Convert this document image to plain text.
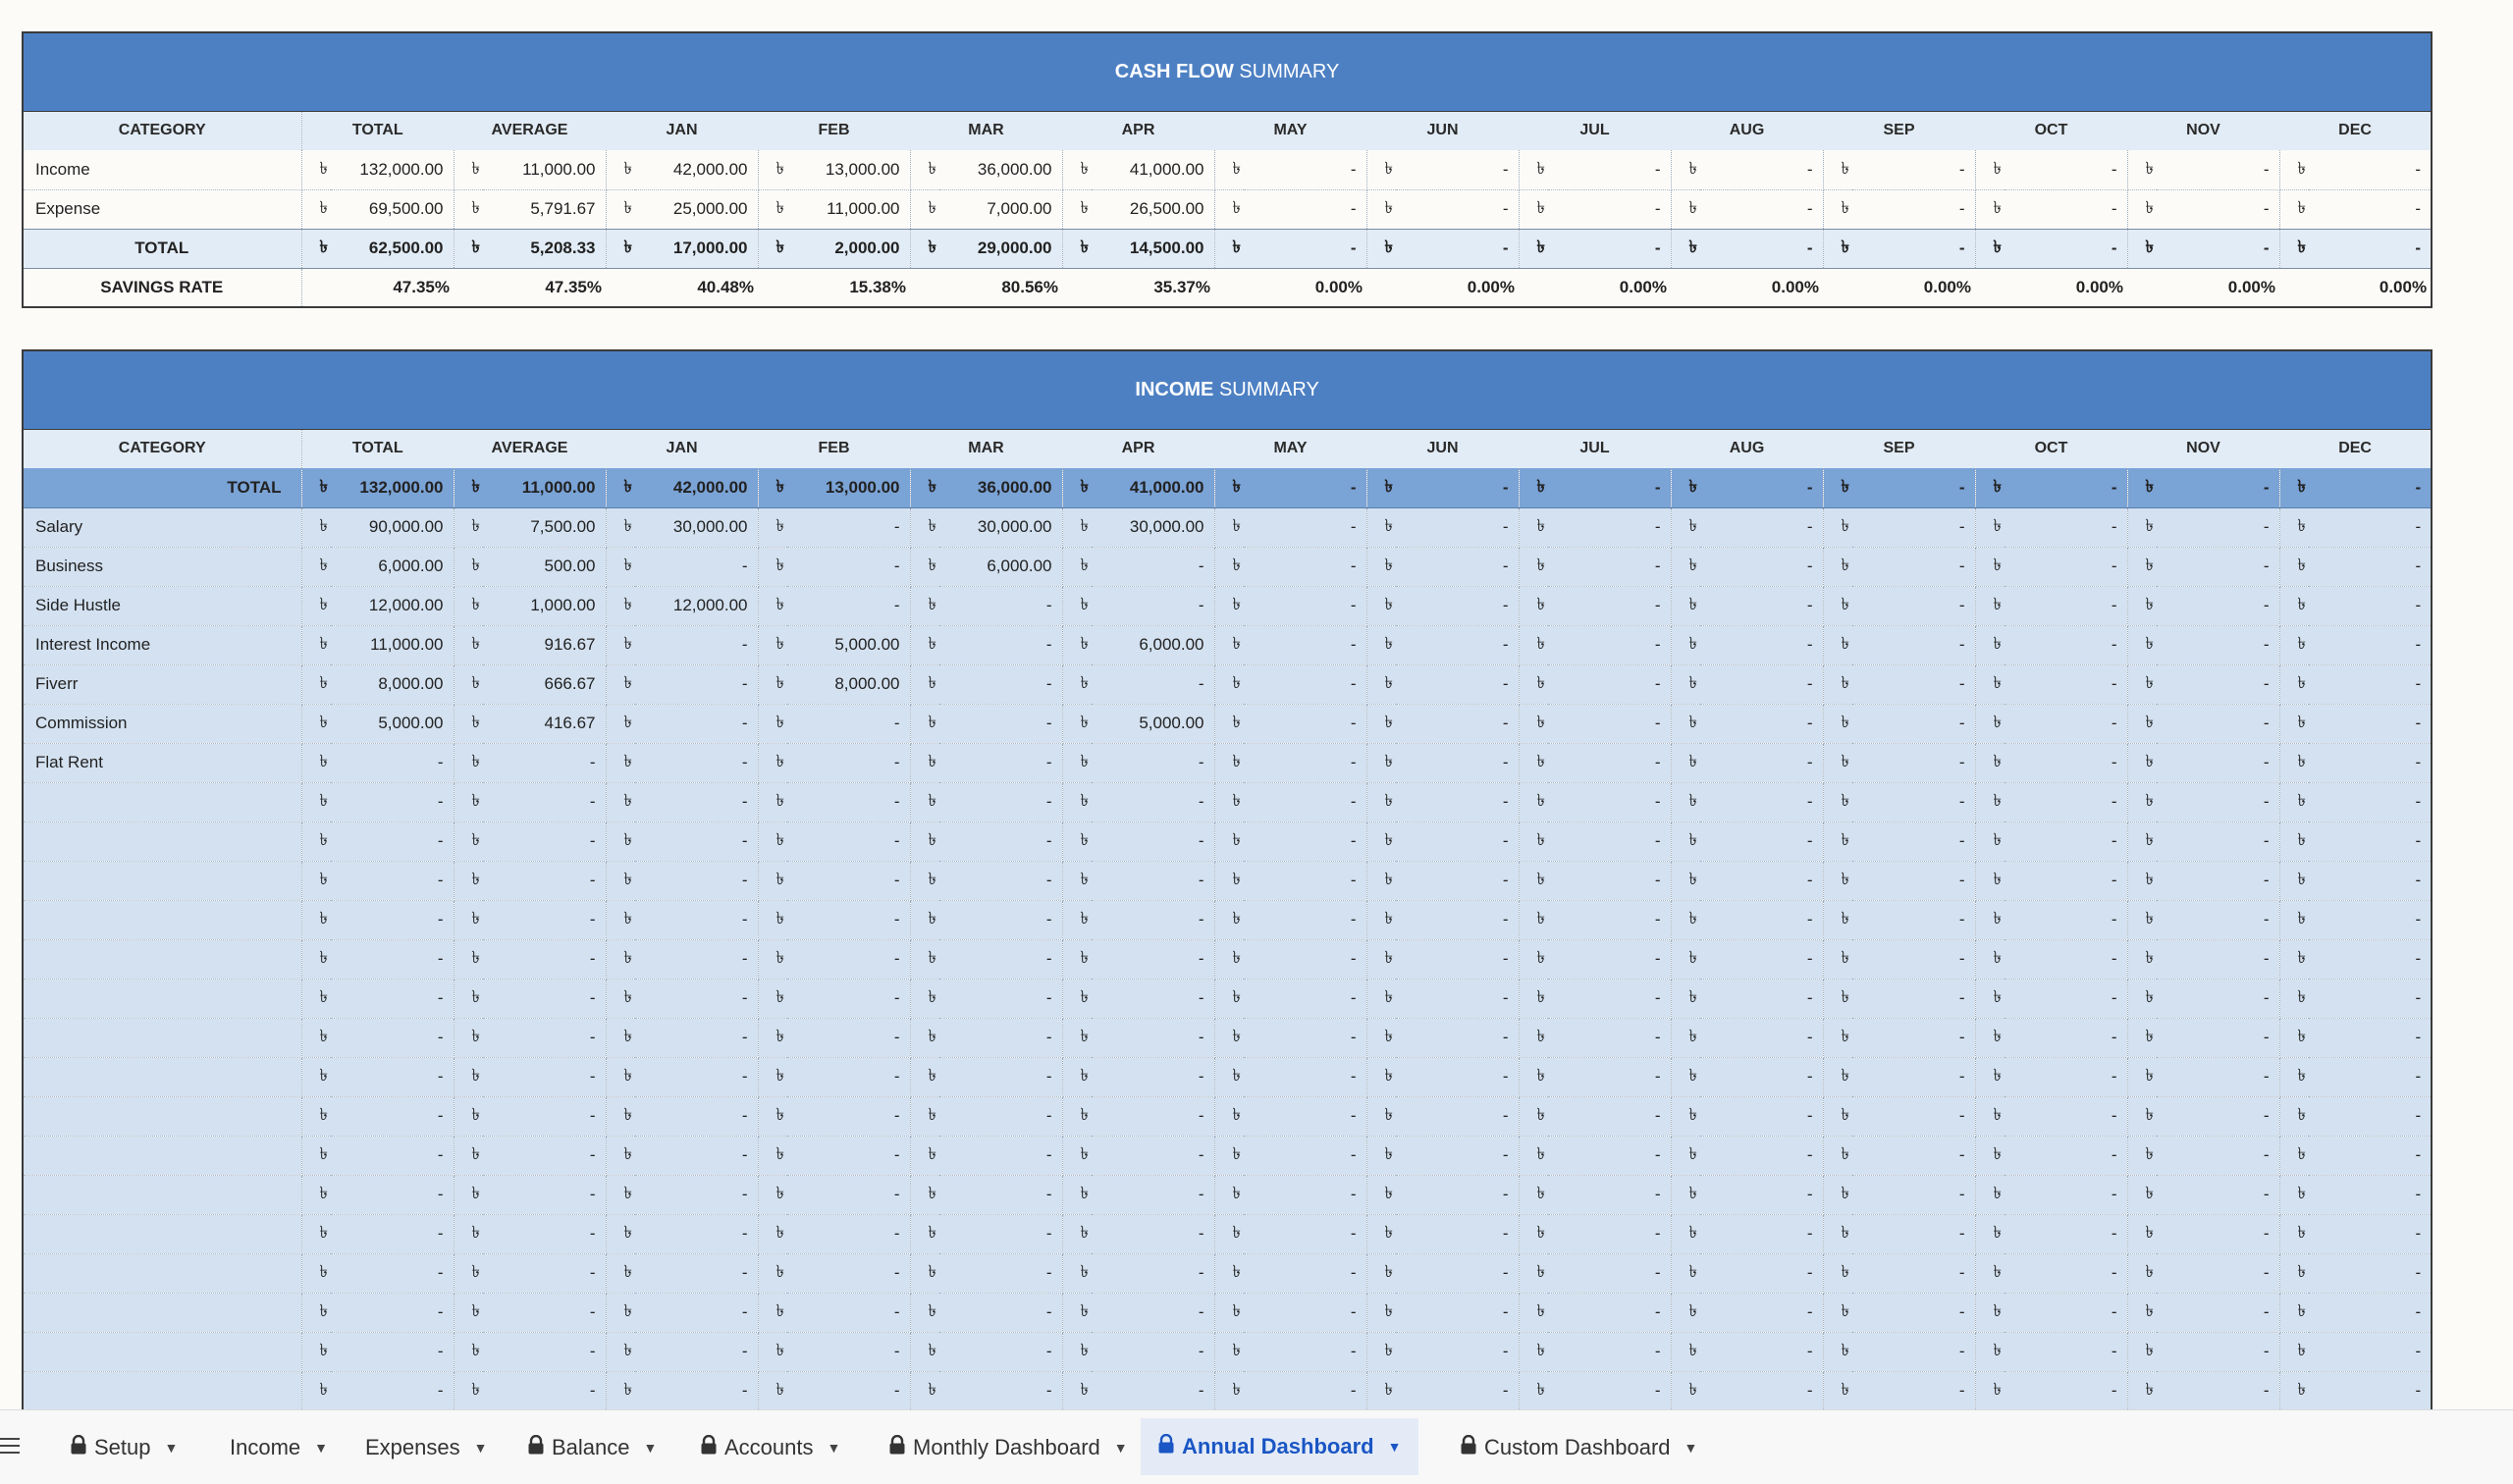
CASH FLOW SUMMARY																												
CATEGORY	TOTAL		AVERAGE		JAN		FEB		MAR		APR		MAY		JUN		JUL		AUG		SEP		OCT		NOV		DEC	
Income	৳	132,000.00	৳	11,000.00	৳	42,000.00	৳	13,000.00	৳	36,000.00	৳	41,000.00	৳	-	৳	-	৳	-	৳	-	৳	-	৳	-	৳	-	৳	-
Expense	৳	69,500.00	৳	5,791.67	৳	25,000.00	৳	11,000.00	৳	7,000.00	৳	26,500.00	৳	-	৳	-	৳	-	৳	-	৳	-	৳	-	৳	-	৳	-
TOTAL	৳	62,500.00	৳	5,208.33	৳	17,000.00	৳	2,000.00	৳	29,000.00	৳	14,500.00	৳	-	৳	-	৳	-	৳	-	৳	-	৳	-	৳	-	৳	-
SAVINGS RATE	47.35%		47.35%		40.48%		15.38%		80.56%		35.37%		0.00%		0.00%		0.00%		0.00%		0.00%		0.00%		0.00%		0.00%	
INCOME SUMMARY																												
CATEGORY	TOTAL		AVERAGE		JAN		FEB		MAR		APR		MAY		JUN		JUL		AUG		SEP		OCT		NOV		DEC	
TOTAL	৳	132,000.00	৳	11,000.00	৳	42,000.00	৳	13,000.00	৳	36,000.00	৳	41,000.00	৳	-	৳	-	৳	-	৳	-	৳	-	৳	-	৳	-	৳	-
Salary	৳	90,000.00	৳	7,500.00	৳	30,000.00	৳	-	৳	30,000.00	৳	30,000.00	৳	-	৳	-	৳	-	৳	-	৳	-	৳	-	৳	-	৳	-
Business	৳	6,000.00	৳	500.00	৳	-	৳	-	৳	6,000.00	৳	-	৳	-	৳	-	৳	-	৳	-	৳	-	৳	-	৳	-	৳	-
Side Hustle	৳	12,000.00	৳	1,000.00	৳	12,000.00	৳	-	৳	-	৳	-	৳	-	৳	-	৳	-	৳	-	৳	-	৳	-	৳	-	৳	-
Interest Income	৳	11,000.00	৳	916.67	৳	-	৳	5,000.00	৳	-	৳	6,000.00	৳	-	৳	-	৳	-	৳	-	৳	-	৳	-	৳	-	৳	-
Fiverr	৳	8,000.00	৳	666.67	৳	-	৳	8,000.00	৳	-	৳	-	৳	-	৳	-	৳	-	৳	-	৳	-	৳	-	৳	-	৳	-
Commission	৳	5,000.00	৳	416.67	৳	-	৳	-	৳	-	৳	5,000.00	৳	-	৳	-	৳	-	৳	-	৳	-	৳	-	৳	-	৳	-
Flat Rent	৳	-	৳	-	৳	-	৳	-	৳	-	৳	-	৳	-	৳	-	৳	-	৳	-	৳	-	৳	-	৳	-	৳	-
	৳	-	৳	-	৳	-	৳	-	৳	-	৳	-	৳	-	৳	-	৳	-	৳	-	৳	-	৳	-	৳	-	৳	-
	৳	-	৳	-	৳	-	৳	-	৳	-	৳	-	৳	-	৳	-	৳	-	৳	-	৳	-	৳	-	৳	-	৳	-
	৳	-	৳	-	৳	-	৳	-	৳	-	৳	-	৳	-	৳	-	৳	-	৳	-	৳	-	৳	-	৳	-	৳	-
	৳	-	৳	-	৳	-	৳	-	৳	-	৳	-	৳	-	৳	-	৳	-	৳	-	৳	-	৳	-	৳	-	৳	-
	৳	-	৳	-	৳	-	৳	-	৳	-	৳	-	৳	-	৳	-	৳	-	৳	-	৳	-	৳	-	৳	-	৳	-
	৳	-	৳	-	৳	-	৳	-	৳	-	৳	-	৳	-	৳	-	৳	-	৳	-	৳	-	৳	-	৳	-	৳	-
	৳	-	৳	-	৳	-	৳	-	৳	-	৳	-	৳	-	৳	-	৳	-	৳	-	৳	-	৳	-	৳	-	৳	-
	৳	-	৳	-	৳	-	৳	-	৳	-	৳	-	৳	-	৳	-	৳	-	৳	-	৳	-	৳	-	৳	-	৳	-
	৳	-	৳	-	৳	-	৳	-	৳	-	৳	-	৳	-	৳	-	৳	-	৳	-	৳	-	৳	-	৳	-	৳	-
	৳	-	৳	-	৳	-	৳	-	৳	-	৳	-	৳	-	৳	-	৳	-	৳	-	৳	-	৳	-	৳	-	৳	-
	৳	-	৳	-	৳	-	৳	-	৳	-	৳	-	৳	-	৳	-	৳	-	৳	-	৳	-	৳	-	৳	-	৳	-
	৳	-	৳	-	৳	-	৳	-	৳	-	৳	-	৳	-	৳	-	৳	-	৳	-	৳	-	৳	-	৳	-	৳	-
	৳	-	৳	-	৳	-	৳	-	৳	-	৳	-	৳	-	৳	-	৳	-	৳	-	৳	-	৳	-	৳	-	৳	-
	৳	-	৳	-	৳	-	৳	-	৳	-	৳	-	৳	-	৳	-	৳	-	৳	-	৳	-	৳	-	৳	-	৳	-
	৳	-	৳	-	৳	-	৳	-	৳	-	৳	-	৳	-	৳	-	৳	-	৳	-	৳	-	৳	-	৳	-	৳	-
	৳	-	৳	-	৳	-	৳	-	৳	-	৳	-	৳	-	৳	-	৳	-	৳	-	৳	-	৳	-	৳	-	৳	-
Setup ▼ Income ▼ Expenses ▼	Balance ▼	Accounts ▼	Monthly Dashboard ▼	Annual Dashboard ▼	Custom Dashboard ▼
